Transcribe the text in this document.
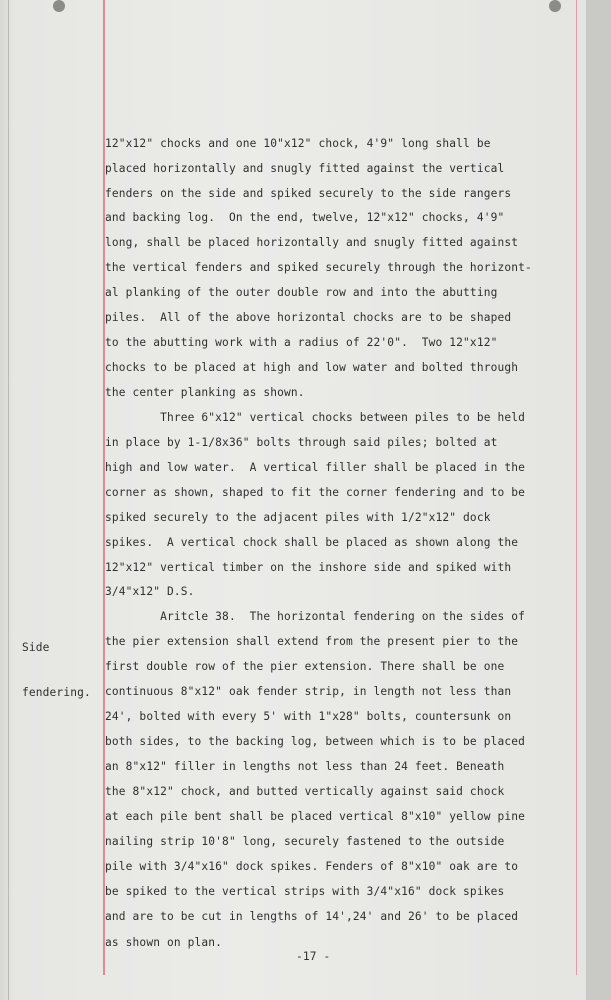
Side

fendering.

12"x12" chocks and one 10"x12" chock, 4'9" long shall be
placed horizontally and snugly fitted against the vertical
fenders on the side and spiked securely to the side rangers
and backing log.  On the end, twelve, 12"x12" chocks, 4'9"
long, shall be placed horizontally and snugly fitted against
the vertical fenders and spiked securely through the horizont-
al planking of the outer double row and into the abutting
piles.  All of the above horizontal chocks are to be shaped
to the abutting work with a radius of 22'0".  Two 12"x12"
chocks to be placed at high and low water and bolted through
the center planking as shown.
Three 6"x12" vertical chocks between piles to be held
in place by 1-1/8x36" bolts through said piles; bolted at
high and low water.  A vertical filler shall be placed in the
corner as shown, shaped to fit the corner fendering and to be
spiked securely to the adjacent piles with 1/2"x12" dock
spikes.  A vertical chock shall be placed as shown along the
12"x12" vertical timber on the inshore side and spiked with
3/4"x12" D.S.
Aritcle 38.  The horizontal fendering on the sides of
the pier extension shall extend from the present pier to the
first double row of the pier extension. There shall be one
continuous 8"x12" oak fender strip, in length not less than
24', bolted with every 5' with 1"x28" bolts, countersunk on
both sides, to the backing log, between which is to be placed
an 8"x12" filler in lengths not less than 24 feet. Beneath
the 8"x12" chock, and butted vertically against said chock
at each pile bent shall be placed vertical 8"x10" yellow pine
nailing strip 10'8" long, securely fastened to the outside
pile with 3/4"x16" dock spikes. Fenders of 8"x10" oak are to
be spiked to the vertical strips with 3/4"x16" dock spikes
and are to be cut in lengths of 14',24' and 26' to be placed
as shown on plan.
-17 -
